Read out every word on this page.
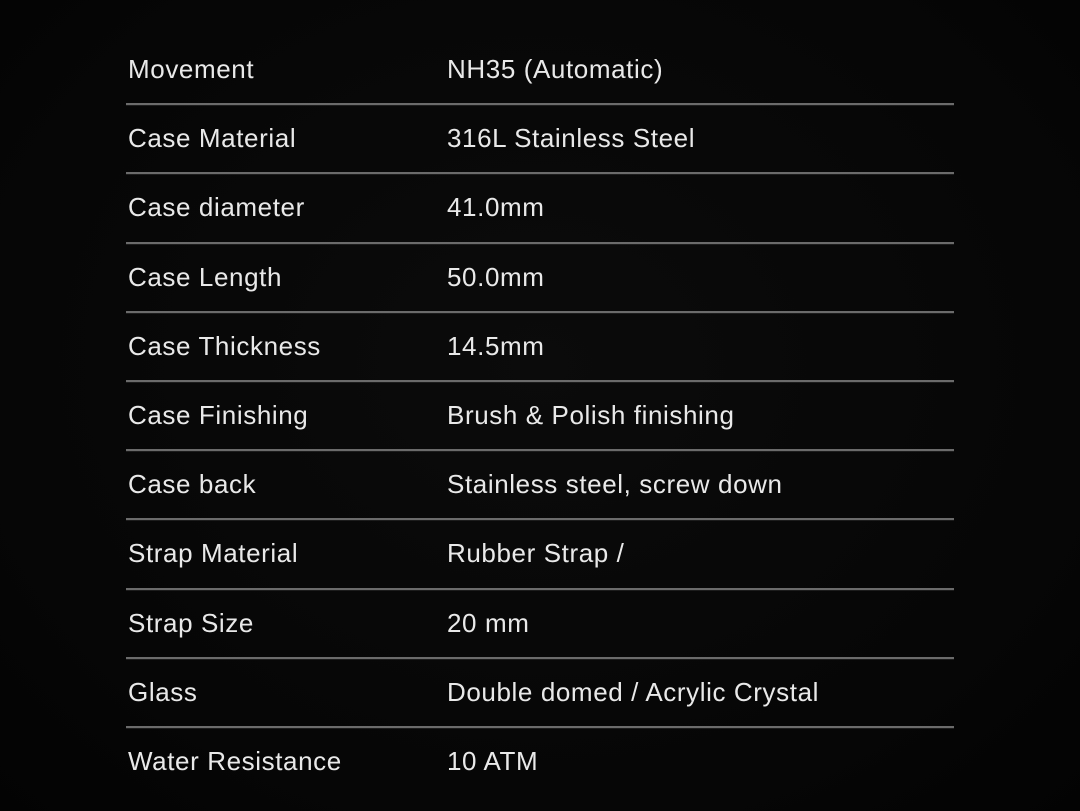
Movement	NH35 (Automatic)
Case Material	316L Stainless Steel
Case diameter	41.0mm
Case Length	50.0mm
Case Thickness	14.5mm
Case Finishing	Brush & Polish finishing
Case back	Stainless steel, screw down
Strap Material	Rubber Strap /
Strap Size	20 mm
Glass	Double domed / Acrylic Crystal
Water Resistance	10 ATM
